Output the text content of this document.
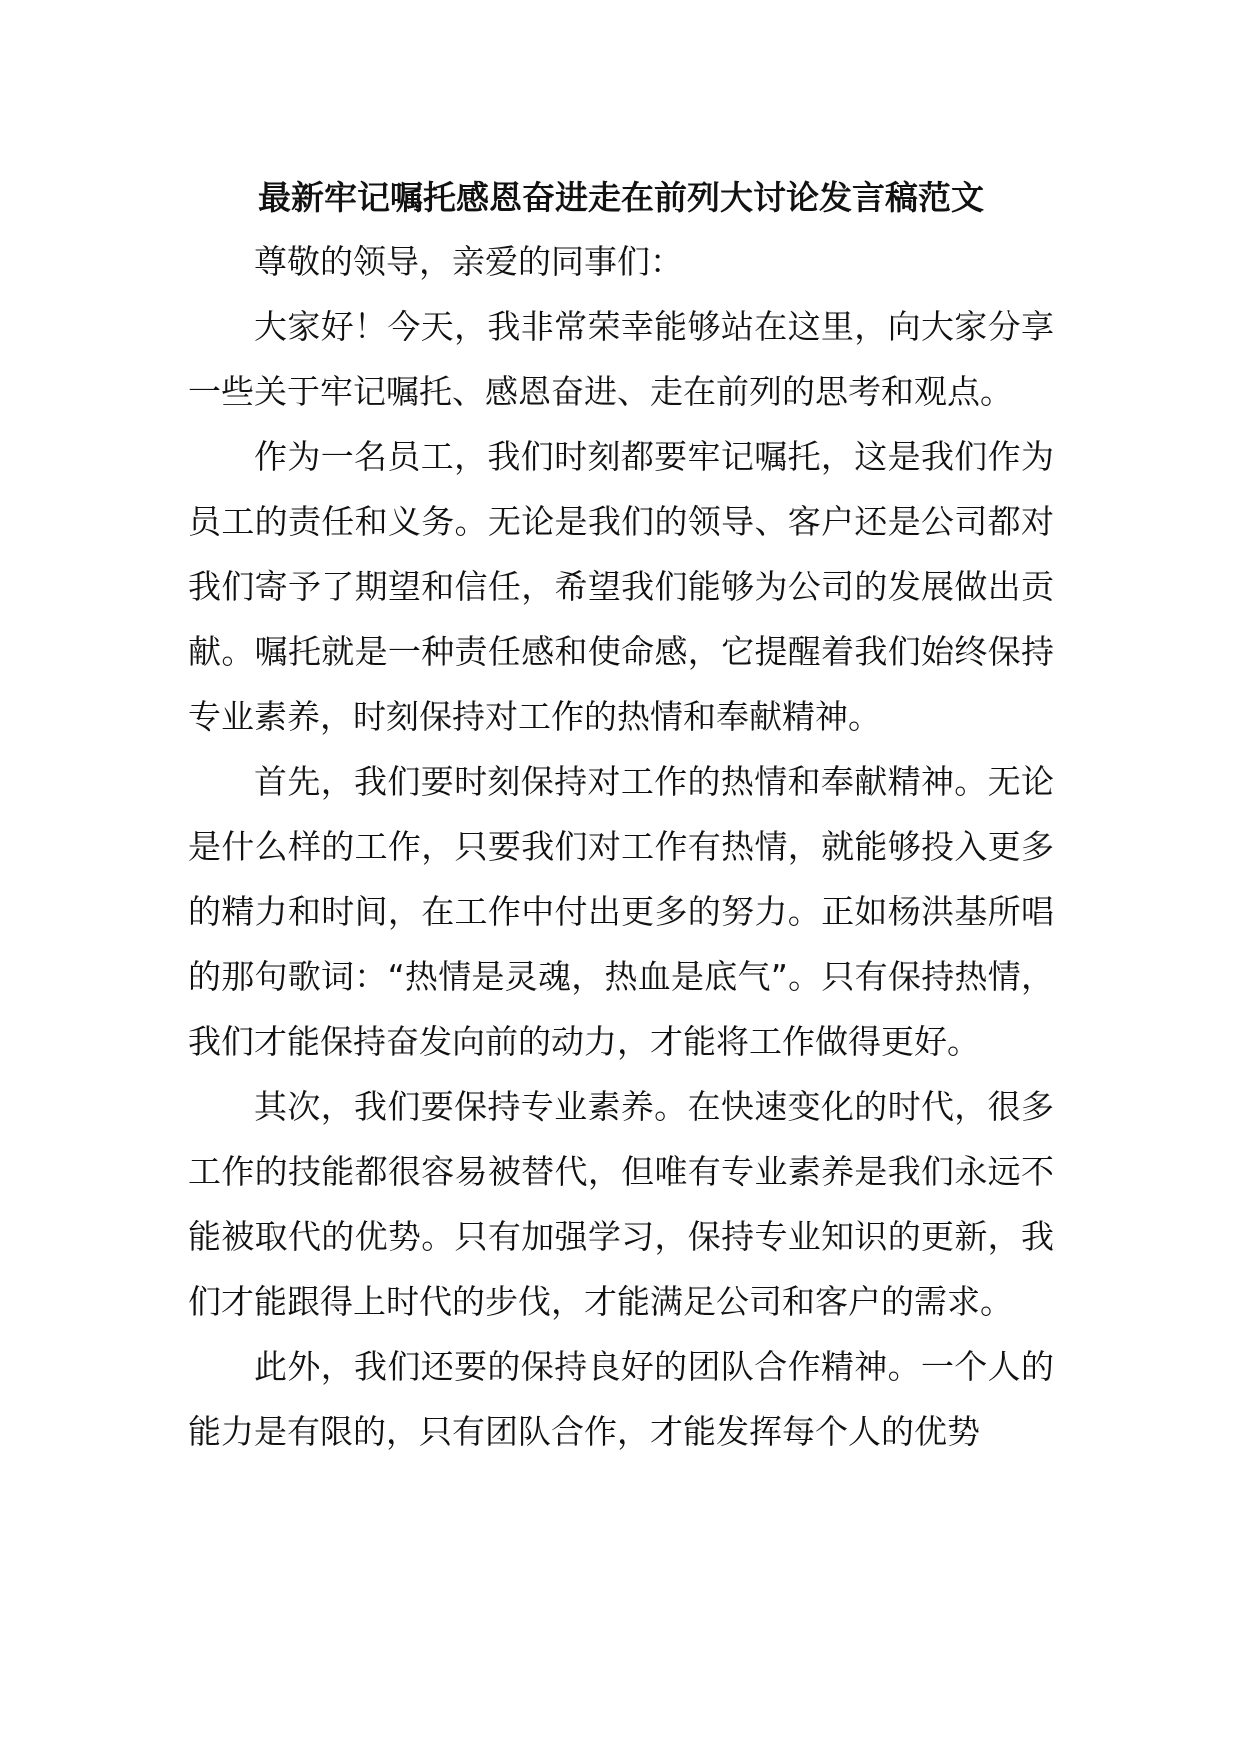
最新牢记嘱托感恩奋进走在前列大讨论发言稿范文

尊敬的领导，亲爱的同事们：

大家好！今天，我非常荣幸能够站在这里，向大家分享一些关于牢记嘱托、感恩奋进、走在前列的思考和观点。

作为一名员工，我们时刻都要牢记嘱托，这是我们作为员工的责任和义务。无论是我们的领导、客户还是公司都对我们寄予了期望和信任，希望我们能够为公司的发展做出贡献。嘱托就是一种责任感和使命感，它提醒着我们始终保持专业素养，时刻保持对工作的热情和奉献精神。

首先，我们要时刻保持对工作的热情和奉献精神。无论是什么样的工作，只要我们对工作有热情，就能够投入更多的精力和时间，在工作中付出更多的努力。正如杨洪基所唱的那句歌词：“热情是灵魂，热血是底气”。只有保持热情，我们才能保持奋发向前的动力，才能将工作做得更好。

其次，我们要保持专业素养。在快速变化的时代，很多工作的技能都很容易被替代，但唯有专业素养是我们永远不能被取代的优势。只有加强学习，保持专业知识的更新，我们才能跟得上时代的步伐，才能满足公司和客户的需求。

此外，我们还要的保持良好的团队合作精神。一个人的能力是有限的，只有团队合作，才能发挥每个人的优势
